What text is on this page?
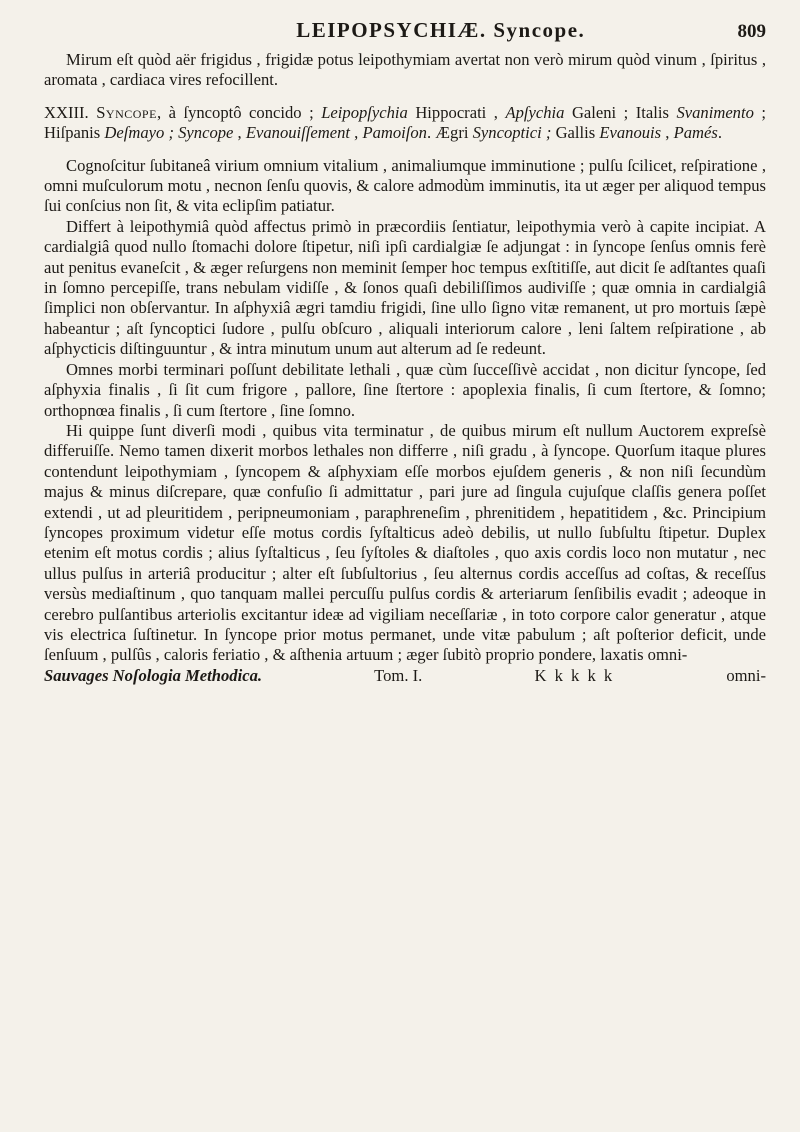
LEIPOPSYCHIÆ. Syncope.	809

Mirum eſt quòd aër frigidus , frigidæ potus leipothymiam avertat non verò mirum quòd vinum , ſpiritus , aromata , cardiaca vires refocillent.

XXIII. Syncope, à ſyncoptô concido ; Leipopſychia Hippocrati , Apſychia Galeni ; Italis Svanimento ; Hiſpanis Deſmayo ; Syncope , Evanouiſſement , Pamoiſon. Ægri Syncoptici ; Gallis Evanouis , Pamés.

Cognoſcitur ſubitaneâ virium omnium vitalium , animaliumque imminutione ; pulſu ſcilicet, reſpiratione , omni muſculorum motu , necnon ſenſu quovis, & calore admodùm imminutis, ita ut æger per aliquod tempus ſui conſcius non ſit, & vita eclipſim patiatur.

Differt à leipothymiâ quòd affectus primò in præcordiis ſentiatur, leipothymia verò à capite incipiat. A cardialgiâ quod nullo ſtomachi dolore ſtipetur, niſi ipſi cardialgiæ ſe adjungat : in ſyncope ſenſus omnis ferè aut penitus evaneſcit , & æger reſurgens non meminit ſemper hoc tempus exſtitiſſe, aut dicit ſe adſtantes quaſi in ſomno percepiſſe, trans nebulam vidiſſe , & ſonos quaſi debiliſſimos audiviſſe ; quæ omnia in cardialgiâ ſimplici non obſervantur. In aſphyxiâ ægri tamdiu frigidi, ſine ullo ſigno vitæ remanent, ut pro mortuis ſæpè habeantur ; aſt ſyncoptici ſudore , pulſu obſcuro , aliquali interiorum calore , leni ſaltem reſpiratione , ab aſphycticis diſtinguuntur , & intra minutum unum aut alterum ad ſe redeunt.

Omnes morbi terminari poſſunt debilitate lethali , quæ cùm ſucceſſivè accidat , non dicitur ſyncope, ſed aſphyxia finalis , ſi ſit cum frigore , pallore, ſine ſtertore : apoplexia finalis, ſi cum ſtertore, & ſomno; orthopnœa finalis , ſi cum ſtertore , ſine ſomno.

Hi quippe ſunt diverſi modi , quibus vita terminatur , de quibus mirum eſt nullum Auctorem expreſsè differuiſſe. Nemo tamen dixerit morbos lethales non differre , niſi gradu , à ſyncope. Quorſum itaque plures contendunt leipothymiam , ſyncopem & aſphyxiam eſſe morbos ejuſdem generis , & non niſi ſecundùm majus & minus diſcrepare, quæ confuſio ſi admittatur , pari jure ad ſingula cujuſque claſſis genera poſſet extendi , ut ad pleuritidem , peripneumoniam , paraphreneſim , phrenitidem , hepatitidem , &c. Principium ſyncopes proximum videtur eſſe motus cordis ſyſtalticus adeò debilis, ut nullo ſubſultu ſtipetur. Duplex etenim eſt motus cordis ; alius ſyſtalticus , ſeu ſyſtoles & diaſtoles , quo axis cordis loco non mutatur , nec ullus pulſus in arteriâ producitur ; alter eſt ſubſultorius , ſeu alternus cordis acceſſus ad coſtas, & receſſus versùs mediaſtinum , quo tanquam mallei percuſſu pulſus cordis & arteriarum ſenſibilis evadit ; adeoque in cerebro pulſantibus arteriolis excitantur ideæ ad vigiliam neceſſariæ , in toto corpore calor generatur , atque vis electrica ſuſtinetur. In ſyncope prior motus permanet, unde vitæ pabulum ; aſt poſterior deficit, unde ſenſuum , pulſûs , caloris feriatio , & aſthenia artuum ; æger ſubitò proprio pondere, laxatis omni-

Sauvages Noſologia Methodica.	Tom. I.	K k k k k	omni-
